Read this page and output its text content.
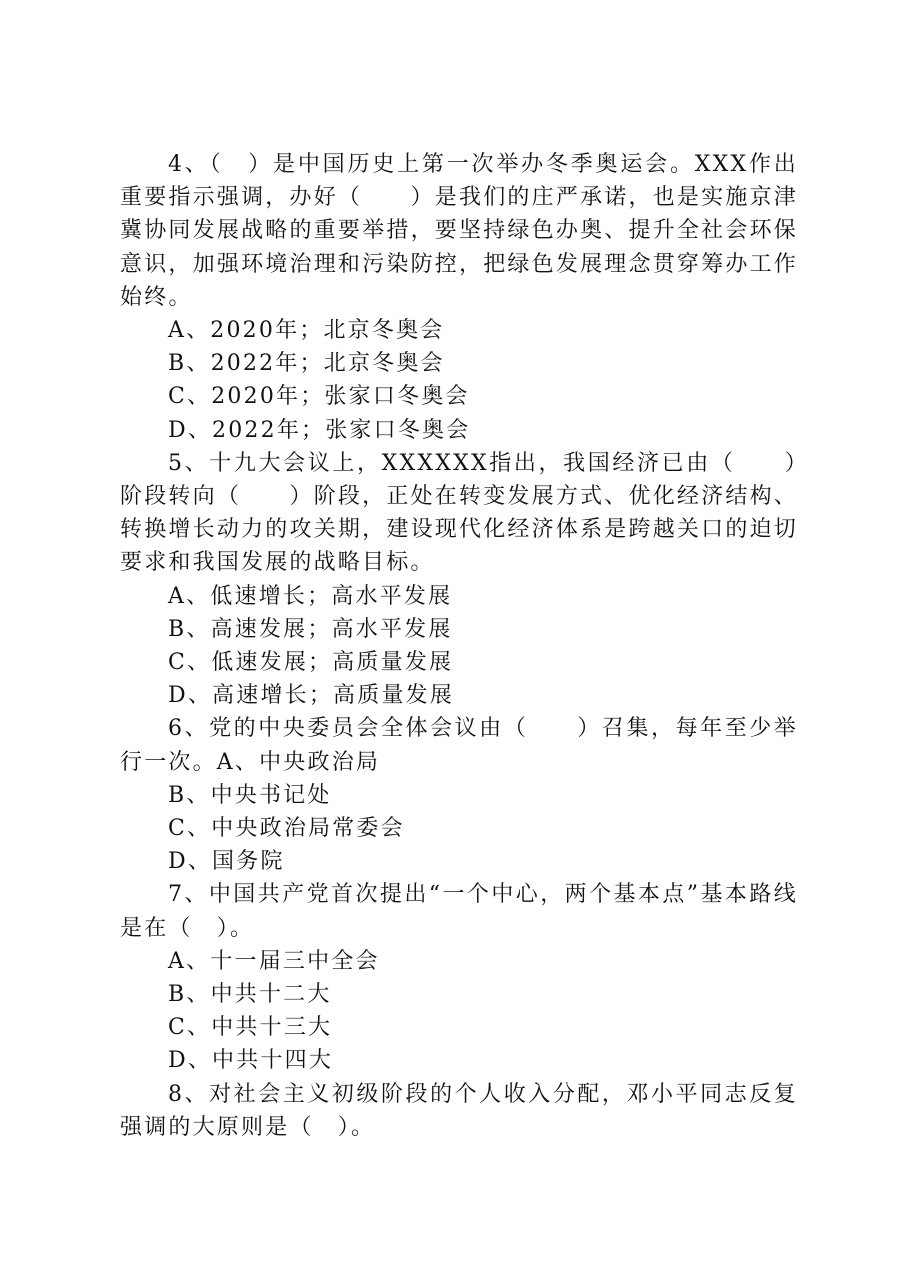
4、（　）是中国历史上第一次举办冬季奥运会。XXX作出重要指示强调，办好（　　）是我们的庄严承诺，也是实施京津冀协同发展战略的重要举措，要坚持绿色办奥、提升全社会环保意识，加强环境治理和污染防控，把绿色发展理念贯穿筹办工作始终。

A、2020年；北京冬奥会

B、2022年；北京冬奥会

C、2020年；张家口冬奥会

D、2022年；张家口冬奥会

5、十九大会议上，XXXXXX指出，我国经济已由（　　）阶段转向（　　）阶段，正处在转变发展方式、优化经济结构、转换增长动力的攻关期，建设现代化经济体系是跨越关口的迫切要求和我国发展的战略目标。

A、低速增长；高水平发展

B、高速发展；高水平发展

C、低速发展；高质量发展

D、高速增长；高质量发展

6、党的中央委员会全体会议由（　　）召集，每年至少举行一次。A、中央政治局

B、中央书记处

C、中央政治局常委会

D、国务院

7、中国共产党首次提出“一个中心，两个基本点”基本路线是在（　）。

A、十一届三中全会

B、中共十二大

C、中共十三大

D、中共十四大

8、对社会主义初级阶段的个人收入分配，邓小平同志反复强调的大原则是（　）。
